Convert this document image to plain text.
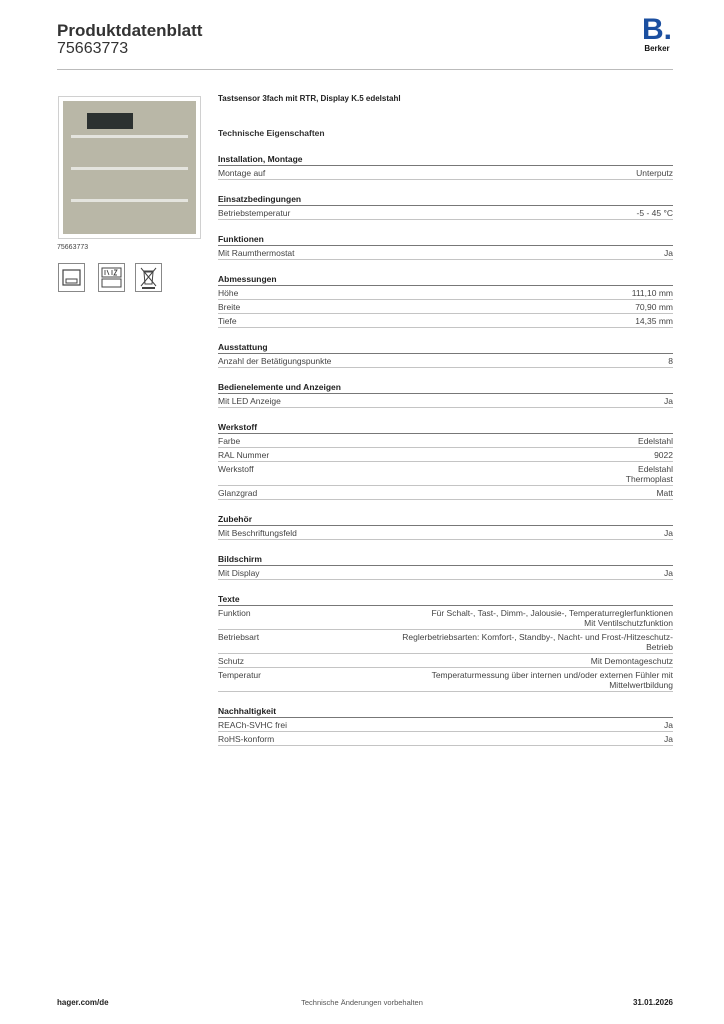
Produktdatenblatt
75663773
B.
Berker
75663773
Tastsensor 3fach mit RTR, Display K.5 edelstahl
Technische Eigenschaften
Installation, Montage
Montage auf	Unterputz
Einsatzbedingungen
Betriebstemperatur	-5 - 45 °C
Funktionen
Mit Raumthermostat	Ja
Abmessungen
Höhe	111,10 mm
Breite	70,90 mm
Tiefe	14,35 mm
Ausstattung
Anzahl der Betätigungspunkte	8
Bedienelemente und Anzeigen
Mit LED Anzeige	Ja
Werkstoff
Farbe	Edelstahl
RAL Nummer	9022
Werkstoff	Edelstahl
Thermoplast
Glanzgrad	Matt
Zubehör
Mit Beschriftungsfeld	Ja
Bildschirm
Mit Display	Ja
Texte
Funktion	Für Schalt-, Tast-, Dimm-, Jalousie-, Temperaturreglerfunktionen
Mit Ventilschutzfunktion
Betriebsart	Reglerbetriebsarten: Komfort-, Standby-, Nacht- und Frost-/Hitzeschutz-
Betrieb
Schutz	Mit Demontageschutz
Temperatur	Temperaturmessung über internen und/oder externen Fühler mit
Mittelwertbildung
Nachhaltigkeit
REACh-SVHC frei	Ja
RoHS-konform	Ja
hager.com/de	Technische Änderungen vorbehalten	31.01.2026
